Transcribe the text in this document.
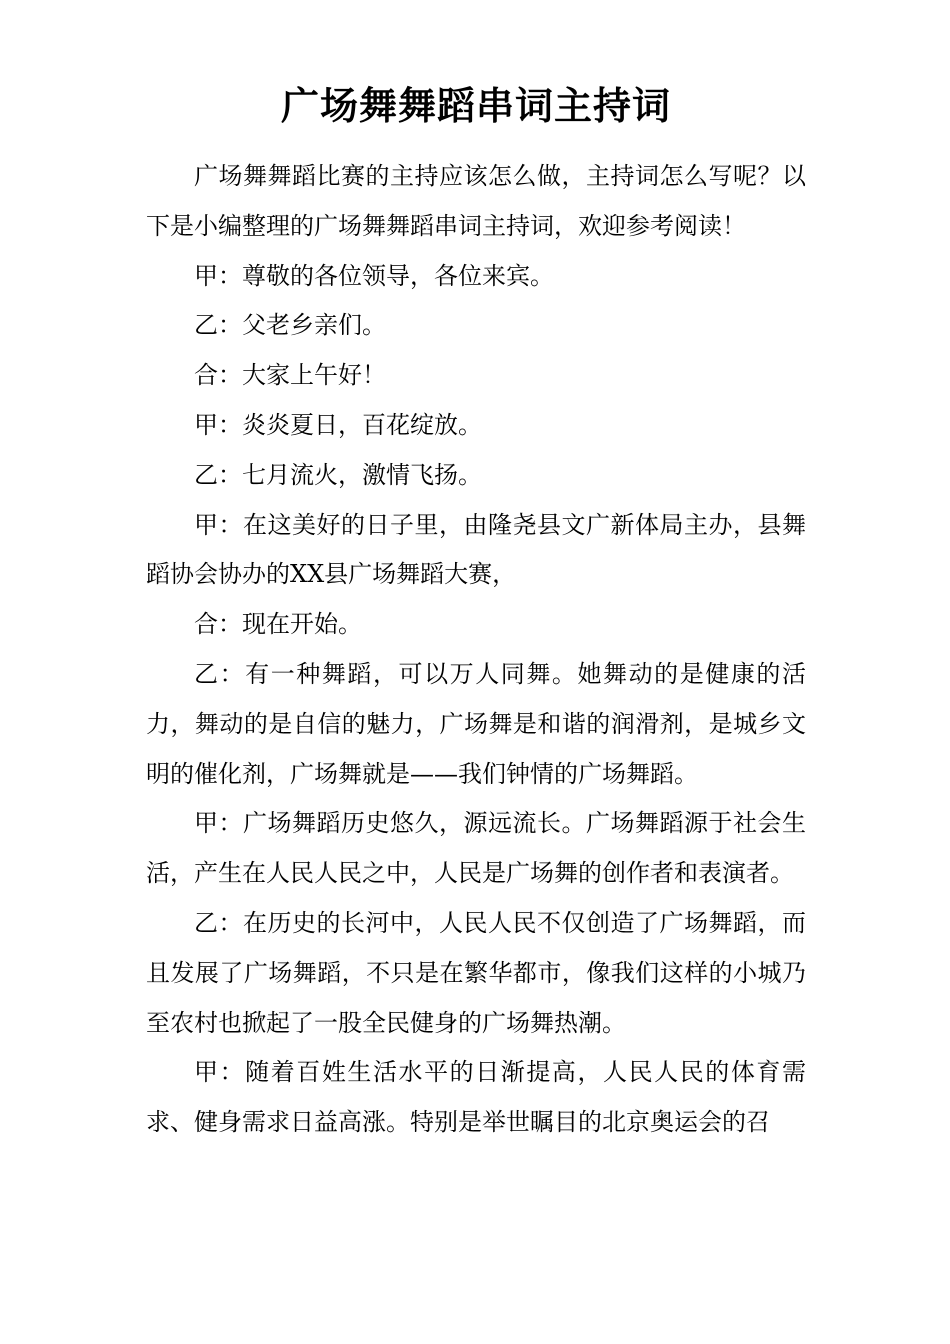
广场舞舞蹈串词主持词

广场舞舞蹈比赛的主持应该怎么做，主持词怎么写呢？以下是小编整理的广场舞舞蹈串词主持词，欢迎参考阅读！

甲：尊敬的各位领导，各位来宾。

乙：父老乡亲们。

合：大家上午好！

甲：炎炎夏日，百花绽放。

乙：七月流火，激情飞扬。

甲：在这美好的日子里，由隆尧县文广新体局主办，县舞蹈协会协办的XX县广场舞蹈大赛，

合：现在开始。

乙：有一种舞蹈，可以万人同舞。她舞动的是健康的活力，舞动的是自信的魅力，广场舞是和谐的润滑剂，是城乡文明的催化剂，广场舞就是——我们钟情的广场舞蹈。

甲：广场舞蹈历史悠久，源远流长。广场舞蹈源于社会生活，产生在人民人民之中，人民是广场舞的创作者和表演者。

乙：在历史的长河中，人民人民不仅创造了广场舞蹈，而且发展了广场舞蹈，不只是在繁华都市，像我们这样的小城乃至农村也掀起了一股全民健身的广场舞热潮。

甲：随着百姓生活水平的日渐提高，人民人民的体育需求、健身需求日益高涨。特别是举世瞩目的北京奥运会的召
